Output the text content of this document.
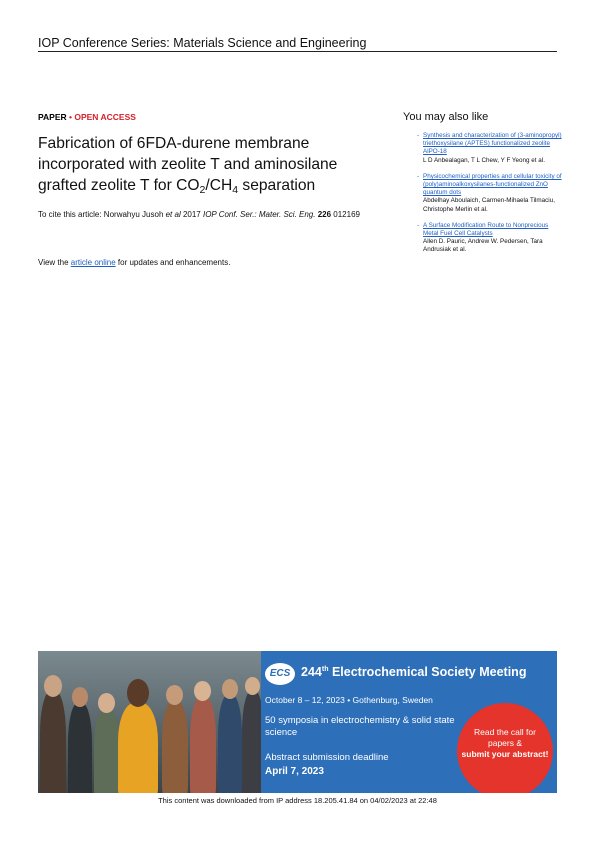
IOP Conference Series: Materials Science and Engineering
PAPER • OPEN ACCESS
Fabrication of 6FDA-durene membrane incorporated with zeolite T and aminosilane grafted zeolite T for $CO_2/CH_4$ separation
To cite this article: Norwahyu Jusoh et al 2017 IOP Conf. Ser.: Mater. Sci. Eng. 226 012169
View the article online for updates and enhancements.
You may also like
- Synthesis and characterization of (3-aminopropyl) triethoxysilane (APTES) functionalized zeolite AlPO-18
L D Anbealagan, T L Chew, Y F Yeong et al.
- Physicochemical properties and cellular toxicity of (poly)aminoalkoxysilanes-functionalized ZnO quantum dots
Abdelhay Aboulaich, Carmen-Mihaela Tilmaciu, Christophe Merlin et al.
- A Surface Modification Route to Nonprecious Metal Fuel Cell Catalysts
Allen D. Pauric, Andrew W. Pedersen, Tara Andrusiak et al.
ECS 244th Electrochemical Society Meeting
October 8 – 12, 2023 • Gothenburg, Sweden
50 symposia in electrochemistry & solid state science
Abstract submission deadline
April 7, 2023
Read the call for
papers &
submit your abstract!
This content was downloaded from IP address 18.205.41.84 on 04/02/2023 at 22:48
